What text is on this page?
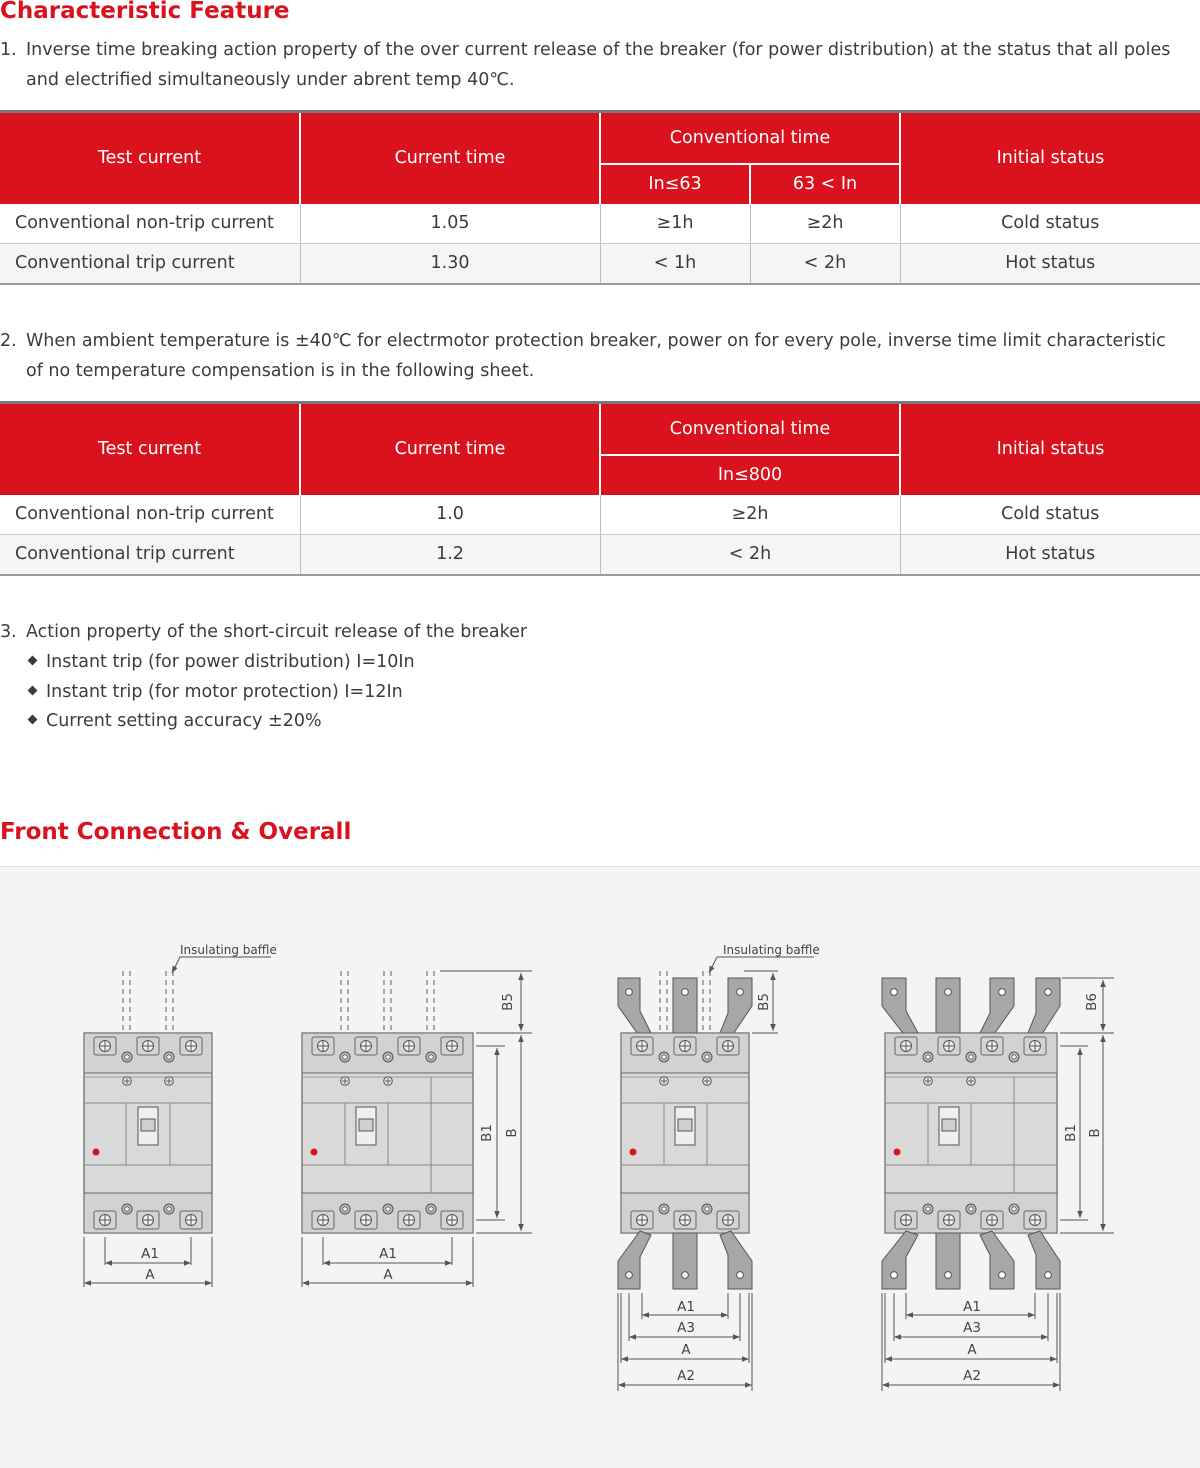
Characteristic Feature
1. Inverse time breaking action property of the over current release of the breaker (for power distribution) at the status that all poles
and electrified simultaneously under abrent temp 40℃.
Test current	Current time	Conventional time		Initial status
		In≤63	63 < In	
Conventional non-trip current	1.05	≥1h	≥2h	Cold status
Conventional trip current	1.30	< 1h	< 2h	Hot status
2. When ambient temperature is ±40℃ for electrmotor protection breaker, power on for every pole, inverse time limit characteristic
of no temperature compensation is in the following sheet.
Test current	Current time	Conventional time	Initial status
		In≤800	
Conventional non-trip current	1.0	≥2h	Cold status
Conventional trip current	1.2	< 2h	Hot status
3. Action property of the short-circuit release of the breaker
Instant trip (for power distribution) I=10In
Instant trip (for motor protection) I=12In
Current setting accuracy ±20%
Front Connection & Overall
Insulating baffle	Insulating baffle
A1
A
A1
A
A1
A3
A
A2
A1
A3
A
A2
B5
B1 B
B5	B6
B1 B
